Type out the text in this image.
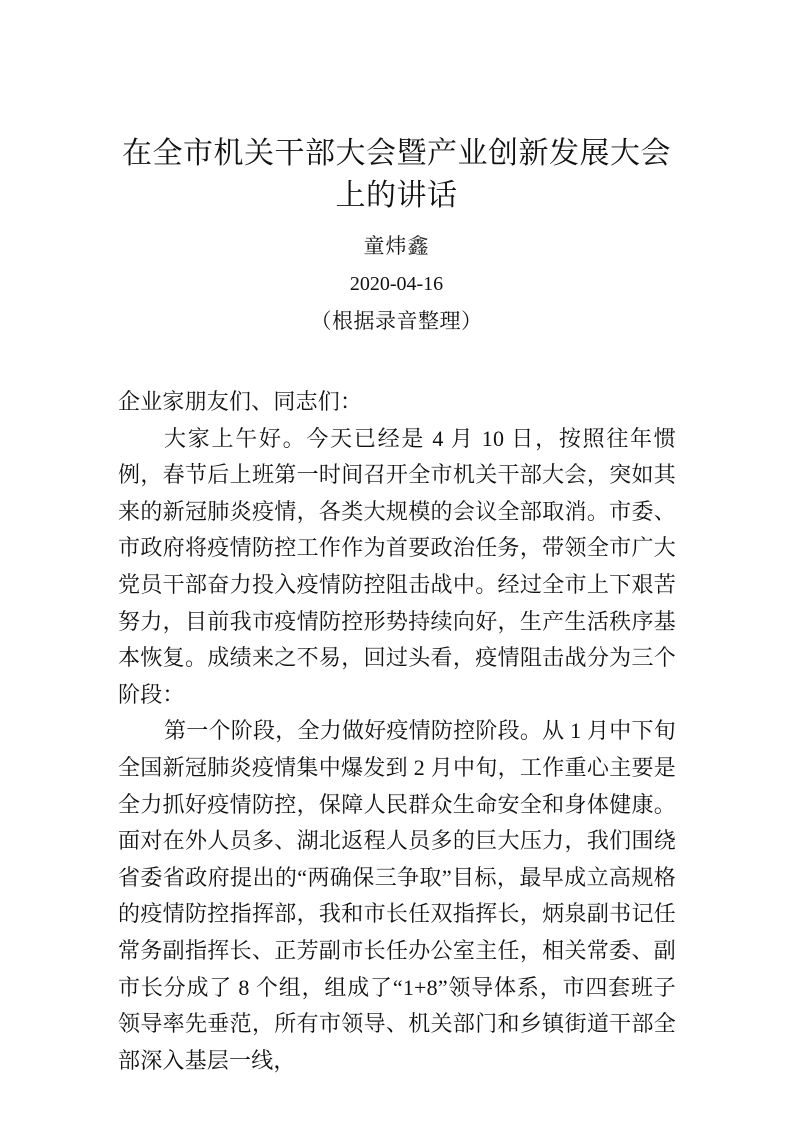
在全市机关干部大会暨产业创新发展大会
上的讲话
童炜鑫
2020-04-16
（根据录音整理）

企业家朋友们、同志们：

大家上午好。今天已经是 4 月 10 日，按照往年惯例，春节后上班第一时间召开全市机关干部大会，突如其来的新冠肺炎疫情，各类大规模的会议全部取消。市委、市政府将疫情防控工作作为首要政治任务，带领全市广大党员干部奋力投入疫情防控阻击战中。经过全市上下艰苦努力，目前我市疫情防控形势持续向好，生产生活秩序基本恢复。成绩来之不易，回过头看，疫情阻击战分为三个阶段：

第一个阶段，全力做好疫情防控阶段。从 1 月中下旬全国新冠肺炎疫情集中爆发到 2 月中旬，工作重心主要是全力抓好疫情防控，保障人民群众生命安全和身体健康。面对在外人员多、湖北返程人员多的巨大压力，我们围绕省委省政府提出的“两确保三争取”目标，最早成立高规格的疫情防控指挥部，我和市长任双指挥长，炳泉副书记任常务副指挥长、正芳副市长任办公室主任，相关常委、副市长分成了 8 个组，组成了“1+8”领导体系，市四套班子领导率先垂范，所有市领导、机关部门和乡镇街道干部全部深入基层一线，
